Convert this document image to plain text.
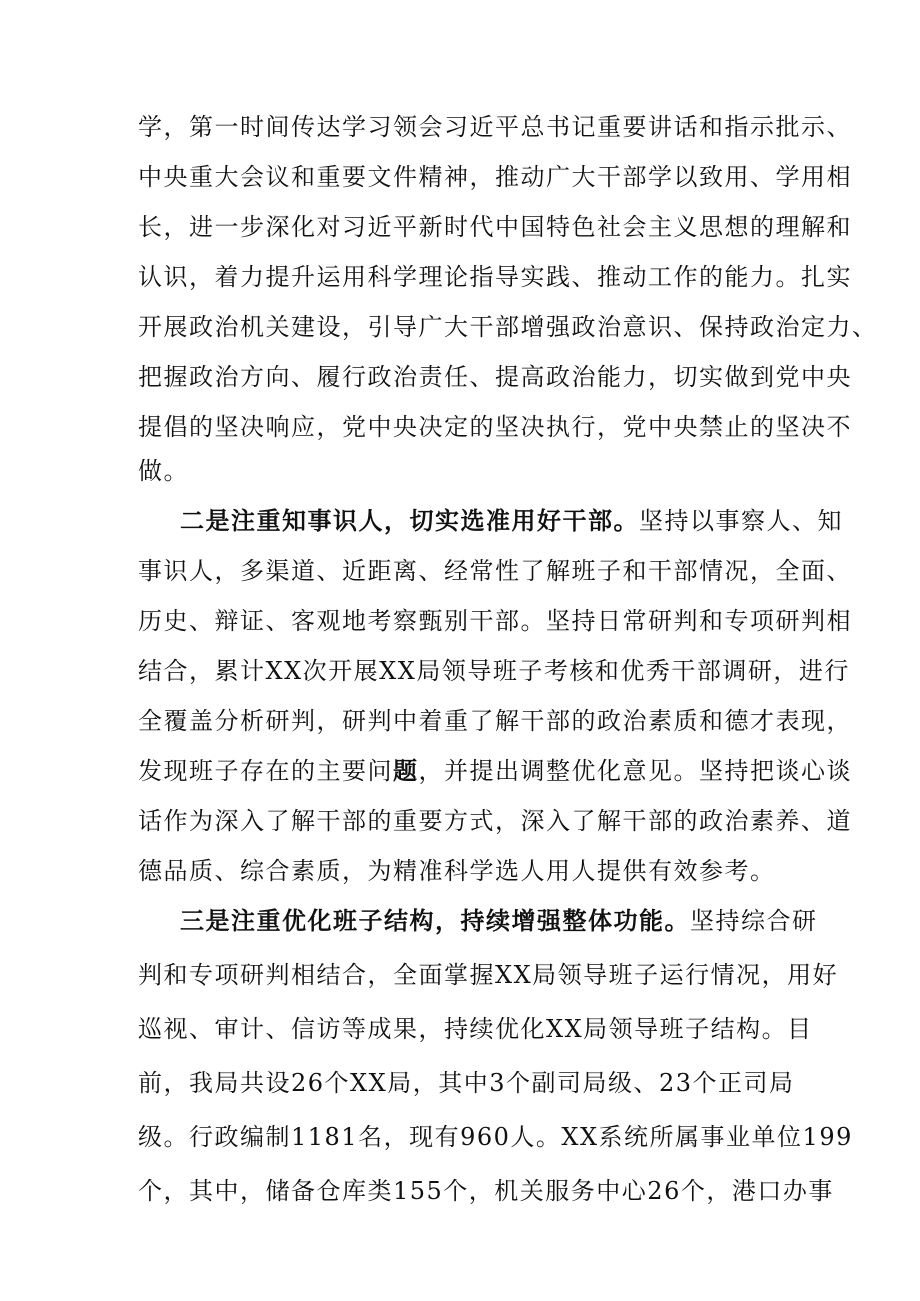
学，第一时间传达学习领会习近平总书记重要讲话和指示批示、
中央重大会议和重要文件精神，推动广大干部学以致用、学用相
长，进一步深化对习近平新时代中国特色社会主义思想的理解和
认识，着力提升运用科学理论指导实践、推动工作的能力。扎实
开展政治机关建设，引导广大干部增强政治意识、保持政治定力、
把握政治方向、履行政治责任、提高政治能力，切实做到党中央
提倡的坚决响应，党中央决定的坚决执行，党中央禁止的坚决不
做。
二是注重知事识人，切实选准用好干部。坚持以事察人、知
事识人，多渠道、近距离、经常性了解班子和干部情况，全面、
历史、辩证、客观地考察甄别干部。坚持日常研判和专项研判相
结合，累计XX次开展XX局领导班子考核和优秀干部调研，进行
全覆盖分析研判，研判中着重了解干部的政治素质和德才表现，
发现班子存在的主要问题，并提出调整优化意见。坚持把谈心谈
话作为深入了解干部的重要方式，深入了解干部的政治素养、道
德品质、综合素质，为精准科学选人用人提供有效参考。
三是注重优化班子结构，持续增强整体功能。坚持综合研
判和专项研判相结合，全面掌握XX局领导班子运行情况，用好
巡视、审计、信访等成果，持续优化XX局领导班子结构。目
前，我局共设26个XX局，其中3个副司局级、23个正司局
级。行政编制1181名，现有960人。XX系统所属事业单位199
个，其中，储备仓库类155个，机关服务中心26个，港口办事
